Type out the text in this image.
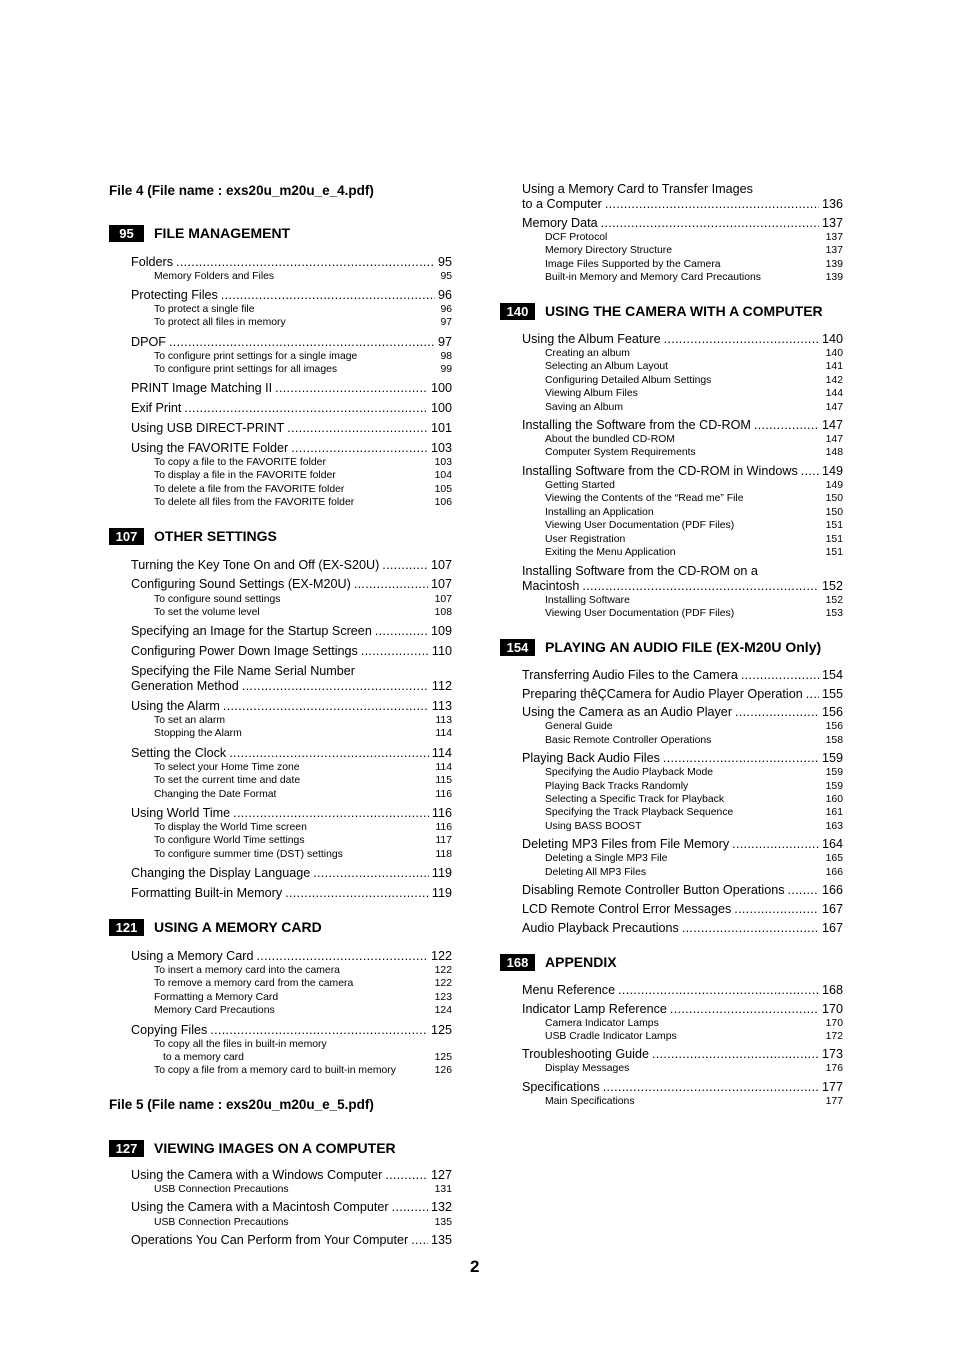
File 4 (File name : exs20u_m20u_e_4.pdf)
95	FILE MANAGEMENT
Folders . . .	95
Memory Folders and Files	95
Protecting Files . . .	96
To protect a single file	96
To protect all files in memory	97
DPOF . . .	97
To configure print settings for a single image	98
To configure print settings for all images	99
PRINT Image Matching II . . .	100
Exif Print . . .	100
Using USB DIRECT-PRINT . . .	101
Using the FAVORITE Folder . . .	103
To copy a file to the FAVORITE folder	103
To display a file in the FAVORITE folder	104
To delete a file from the FAVORITE folder	105
To delete all files from the FAVORITE folder	106
107	OTHER SETTINGS
Turning the Key Tone On and Off (EX-S20U) . . .	107
Configuring Sound Settings (EX-M20U) . . .	107
To configure sound settings	107
To set the volume level	108
Specifying an Image for the Startup Screen . . .	109
Configuring Power Down Image Settings . . .	110
Specifying the File Name Serial Number
Generation Method . . .	112
Using the Alarm . . .	113
To set an alarm	113
Stopping the Alarm	114
Setting the Clock . . .	114
To select your Home Time zone	114
To set the current time and date	115
Changing the Date Format	116
Using World Time . . .	116
To display the World Time screen	116
To configure World Time settings	117
To configure summer time (DST) settings	118
Changing the Display Language . . .	119
Formatting Built-in Memory . . .	119
121	USING A MEMORY CARD
Using a Memory Card . . .	122
To insert a memory card into the camera	122
To remove a memory card from the camera	122
Formatting a Memory Card	123
Memory Card Precautions	124
Copying Files . . .	125
To copy all the files in built-in memory
to a memory card	125
To copy a file from a memory card to built-in memory	126
File 5 (File name : exs20u_m20u_e_5.pdf)
127	VIEWING IMAGES ON A COMPUTER
Using the Camera with a Windows Computer . . .	127
USB Connection Precautions	131
Using the Camera with a Macintosh Computer . . .	132
USB Connection Precautions	135
Operations You Can Perform from Your Computer . . . 135
Using a Memory Card to Transfer Images
to a Computer . . .	136
Memory Data . . .	137
DCF Protocol	137
Memory Directory Structure	137
Image Files Supported by the Camera	139
Built-in Memory and Memory Card Precautions	139
140	USING THE CAMERA WITH A COMPUTER
Using the Album Feature . . .	140
Creating an album	140
Selecting an Album Layout	141
Configuring Detailed Album Settings	142
Viewing Album Files	144
Saving an Album	147
Installing the Software from the CD-ROM . . .	147
About the bundled CD-ROM	147
Computer System Requirements	148
Installing Software from the CD-ROM in Windows . . . 149
Getting Started	149
Viewing the Contents of the “Read me” File	150
Installing an Application	150
Viewing User Documentation (PDF Files)	151
User Registration	151
Exiting the Menu Application	151
Installing Software from the CD-ROM on a
Macintosh . . .	152
Installing Software	152
Viewing User Documentation (PDF Files)	153
154	PLAYING AN AUDIO FILE (EX-M20U Only)
Transferring Audio Files to the Camera . . .	154
Preparing thêÇCamera for Audio Player Operation . . . 155
Using the Camera as an Audio Player . . .	156
General Guide	156
Basic Remote Controller Operations	158
Playing Back Audio Files . . .	159
Specifying the Audio Playback Mode	159
Playing Back Tracks Randomly	159
Selecting a Specific Track for Playback	160
Specifying the Track Playback Sequence	161
Using BASS BOOST	163
Deleting MP3 Files from File Memory . . .	164
Deleting a Single MP3 File	165
Deleting All MP3 Files	166
Disabling Remote Controller Button Operations . . .	166
LCD Remote Control Error Messages . . .	167
Audio Playback Precautions . . .	167
168	APPENDIX
Menu Reference . . .	168
Indicator Lamp Reference . . .	170
Camera Indicator Lamps	170
USB Cradle Indicator Lamps	172
Troubleshooting Guide . . .	173
Display Messages	176
Specifications . . .	177
Main Specifications	177
2
